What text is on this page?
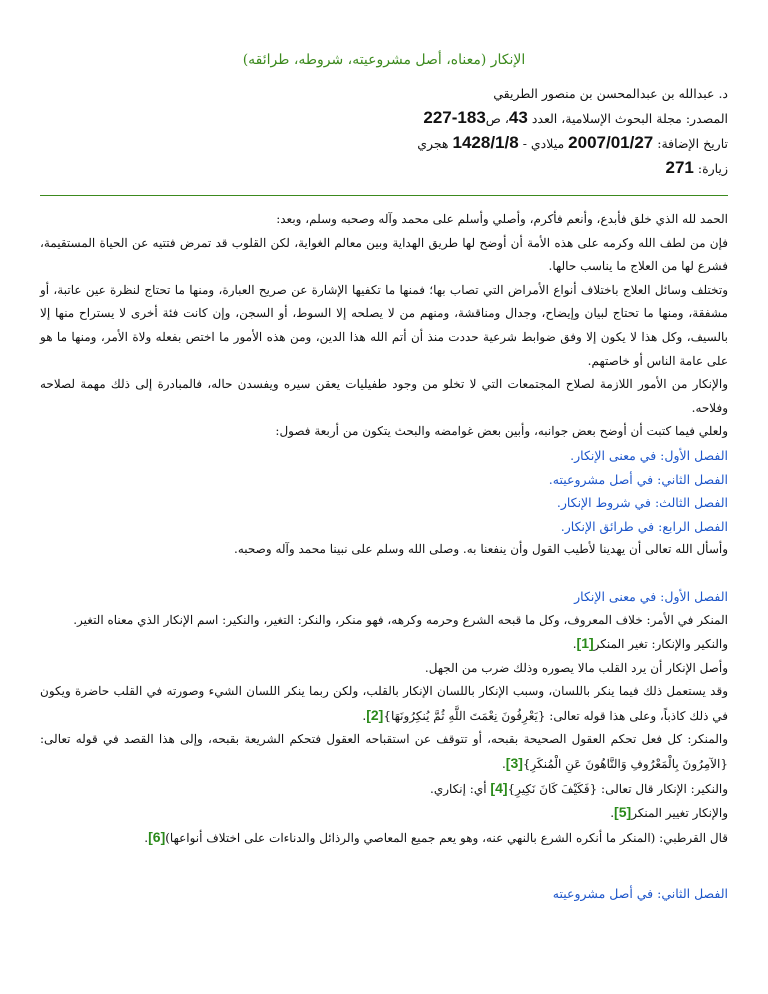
الإنكار (معناه، أصل مشروعيته، شروطه، طرائقه)
د. عبدالله بن عبدالمحسن بن منصور الطريقي
المصدر: مجلة البحوث الإسلامية، العدد 43، ص183-227
تاريخ الإضافة: 2007/01/27 ميلادي - 1428/1/8 هجري
زيارة: 271

الحمد لله الذي خلق فأبدع، وأنعم فأكرم، وأصلي وأسلم على محمد وآله وصحبه وسلم، وبعد:

فإن من لطف الله وكرمه على هذه الأمة أن أوضح لها طريق الهداية وبين معالم الغواية، لكن القلوب قد تمرض فتتيه عن الحياة المستقيمة، فشرع لها من العلاج ما يناسب حالها.

وتختلف وسائل العلاج باختلاف أنواع الأمراض التي تصاب بها؛ فمنها ما تكفيها الإشارة عن صريح العبارة، ومنها ما تحتاج لنظرة عين عاتبة، أو مشفقة، ومنها ما تحتاج لبيان وإيضاح، وجدال ومناقشة، ومنهم من لا يصلحه إلا السوط، أو السجن، وإن كانت فئة أخرى لا يستراح منها إلا بالسيف، وكل هذا لا يكون إلا وفق ضوابط شرعية حددت منذ أن أتم الله هذا الدين، ومن هذه الأمور ما اختص بفعله ولاة الأمر، ومنها ما هو على عامة الناس أو خاصتهم.

والإنكار من الأمور اللازمة لصلاح المجتمعات التي لا تخلو من وجود طفيليات يعقن سيره ويفسدن حاله، فالمبادرة إلى ذلك مهمة لصلاحه وفلاحه.

ولعلي فيما كتبت أن أوضح بعض جوانبه، وأبين بعض غوامضه والبحث يتكون من أربعة فصول:

الفصل الأول: في معنى الإنكار.

الفصل الثاني: في أصل مشروعيته.

الفصل الثالث: في شروط الإنكار.

الفصل الرابع: في طرائق الإنكار.

وأسأل الله تعالى أن يهدينا لأطيب القول وأن ينفعنا به. وصلى الله وسلم على نبينا محمد وآله وصحبه.

الفصل الأول: في معنى الإنكار

المنكر في الأمر: خلاف المعروف، وكل ما قبحه الشرع وحرمه وكرهه، فهو منكر، والنكر: التغير، والنكير: اسم الإنكار الذي معناه التغير.

والنكير والإنكار: تغير المنكر[1].

وأصل الإنكار أن يرد القلب مالا يصوره وذلك ضرب من الجهل.

وقد يستعمل ذلك فيما ينكر باللسان، وسبب الإنكار باللسان الإنكار بالقلب، ولكن ربما ينكر اللسان الشيء وصورته في القلب حاضرة ويكون في ذلك كاذباً، وعلى هذا قوله تعالى: {يَعْرِفُونَ نِعْمَتَ اللَّهِ ثُمَّ يُنكِرُونَهَا}[2].

والمنكر: كل فعل تحكم العقول الصحيحة بقبحه، أو تتوقف عن استقباحه العقول فتحكم الشريعة بقبحه، وإلى هذا القصد في قوله تعالى: {الآمِرُونَ بِالْمَعْرُوفِ وَالنَّاهُونَ عَنِ الْمُنكَرِ}[3].

والنكير: الإنكار قال تعالى: {فَكَيْفَ كَانَ نَكِيرِ}[4] أي: إنكاري.

والإنكار تغيير المنكر[5].

قال القرطبي: (المنكر ما أنكره الشرع بالنهي عنه، وهو يعم جميع المعاصي والرذائل والدناءات على اختلاف أنواعها)[6].

الفصل الثاني: في أصل مشروعيته
